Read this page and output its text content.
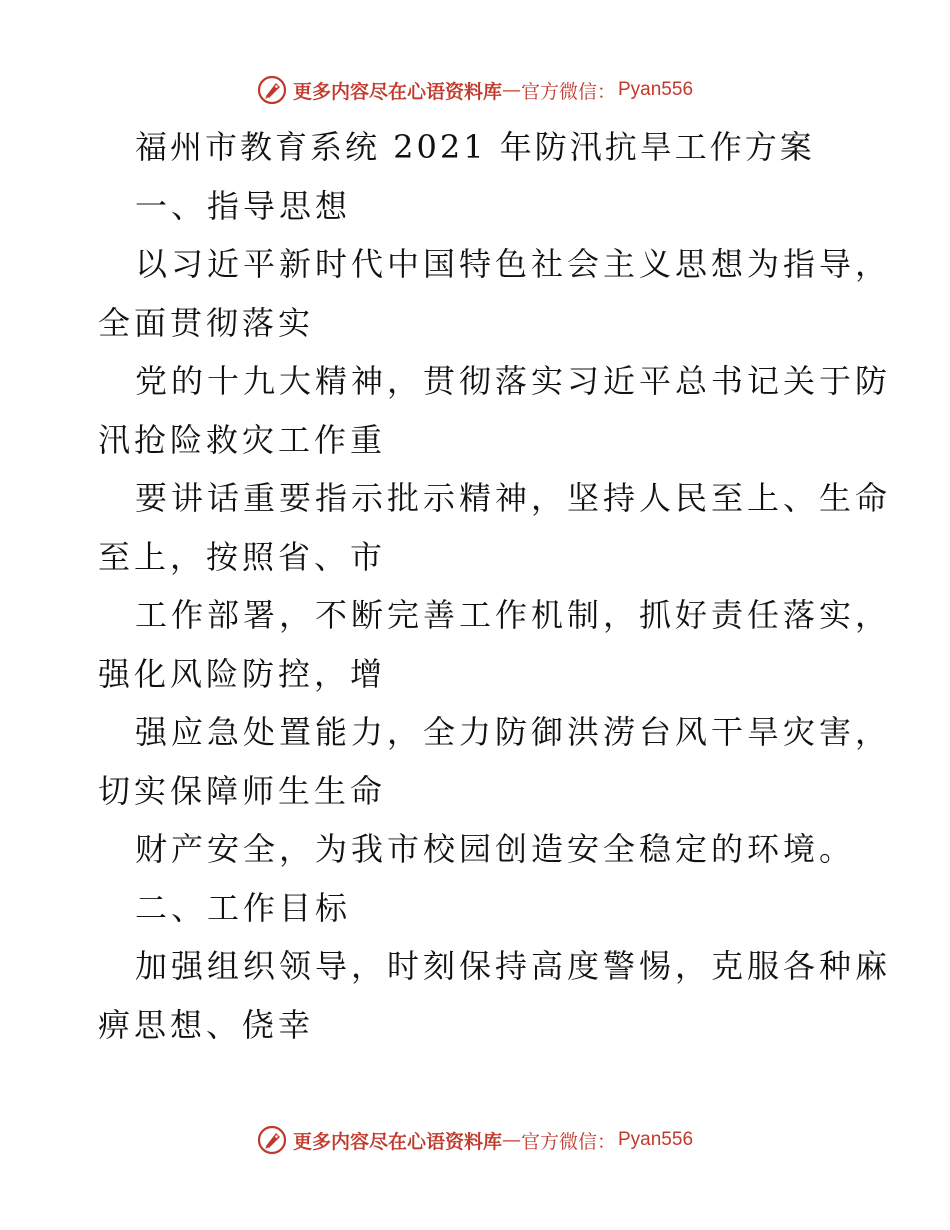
更多内容尽在心语资料库 — 官方微信： Pyan556
福州市教育系统 2021 年防汛抗旱工作方案
一、指导思想
以习近平新时代中国特色社会主义思想为指导，
全面贯彻落实
党的十九大精神，贯彻落实习近平总书记关于防
汛抢险救灾工作重
要讲话重要指示批示精神，坚持人民至上、生命
至上，按照省、市
工作部署，不断完善工作机制，抓好责任落实，
强化风险防控，增
强应急处置能力，全力防御洪涝台风干旱灾害，
切实保障师生生命
财产安全，为我市校园创造安全稳定的环境。
二、工作目标
加强组织领导，时刻保持高度警惕，克服各种麻
痹思想、侥幸
更多内容尽在心语资料库 — 官方微信： Pyan556
